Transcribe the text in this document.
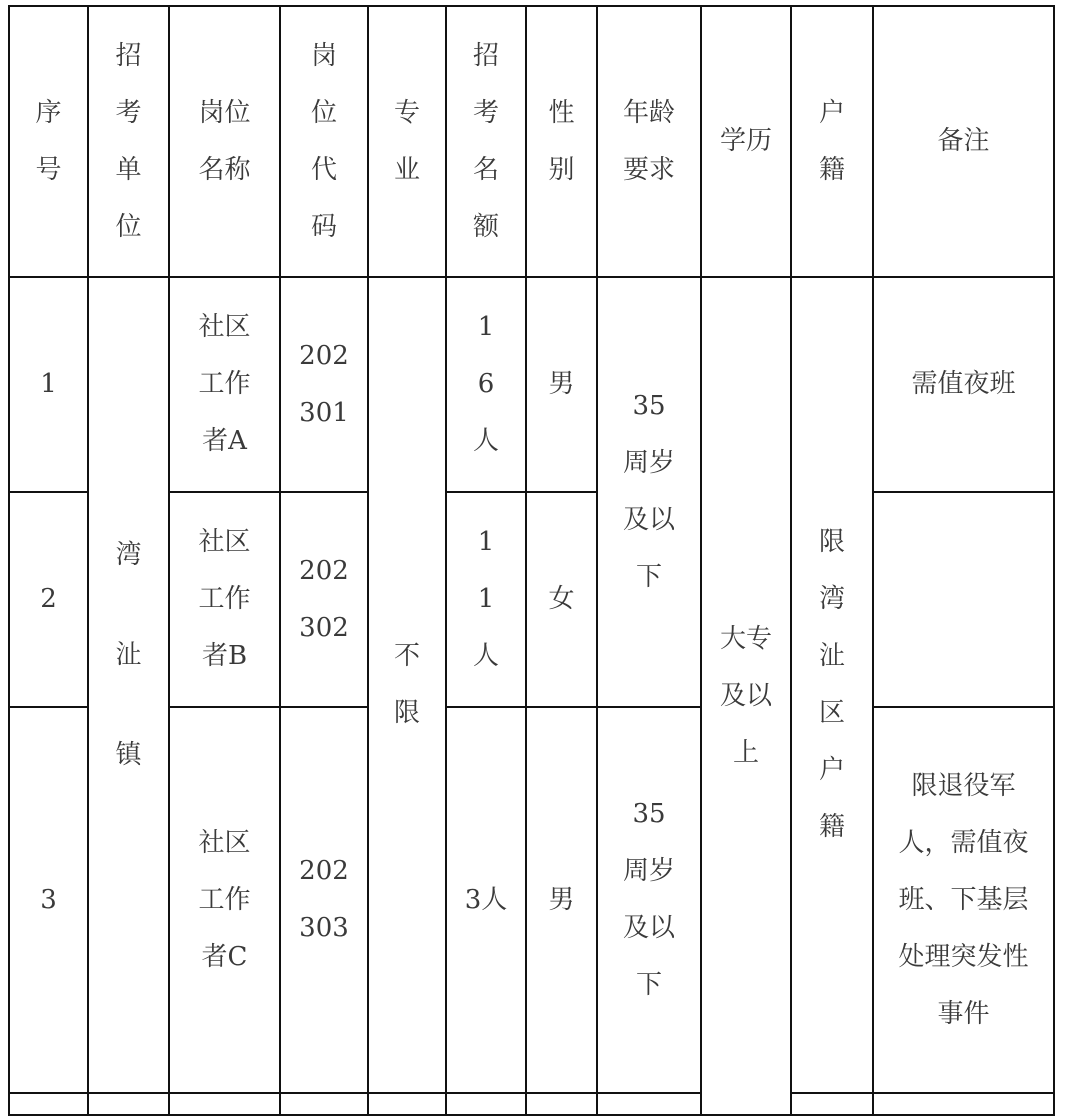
序号	招考单位	岗位名称	岗位代码	专业	招考名额	性别	年龄要求	学历	户籍	备注

1	湾沚镇	社区工作者A	202301	不限	16人	男	35周岁及以下	大专及以上	限湾沚区户籍	需值夜班

2		社区工作者B	202302		11人	女				

3		社区工作者C	202303		3人	男	35周岁及以下			限退役军人，需值夜班、下基层处理突发性事件
